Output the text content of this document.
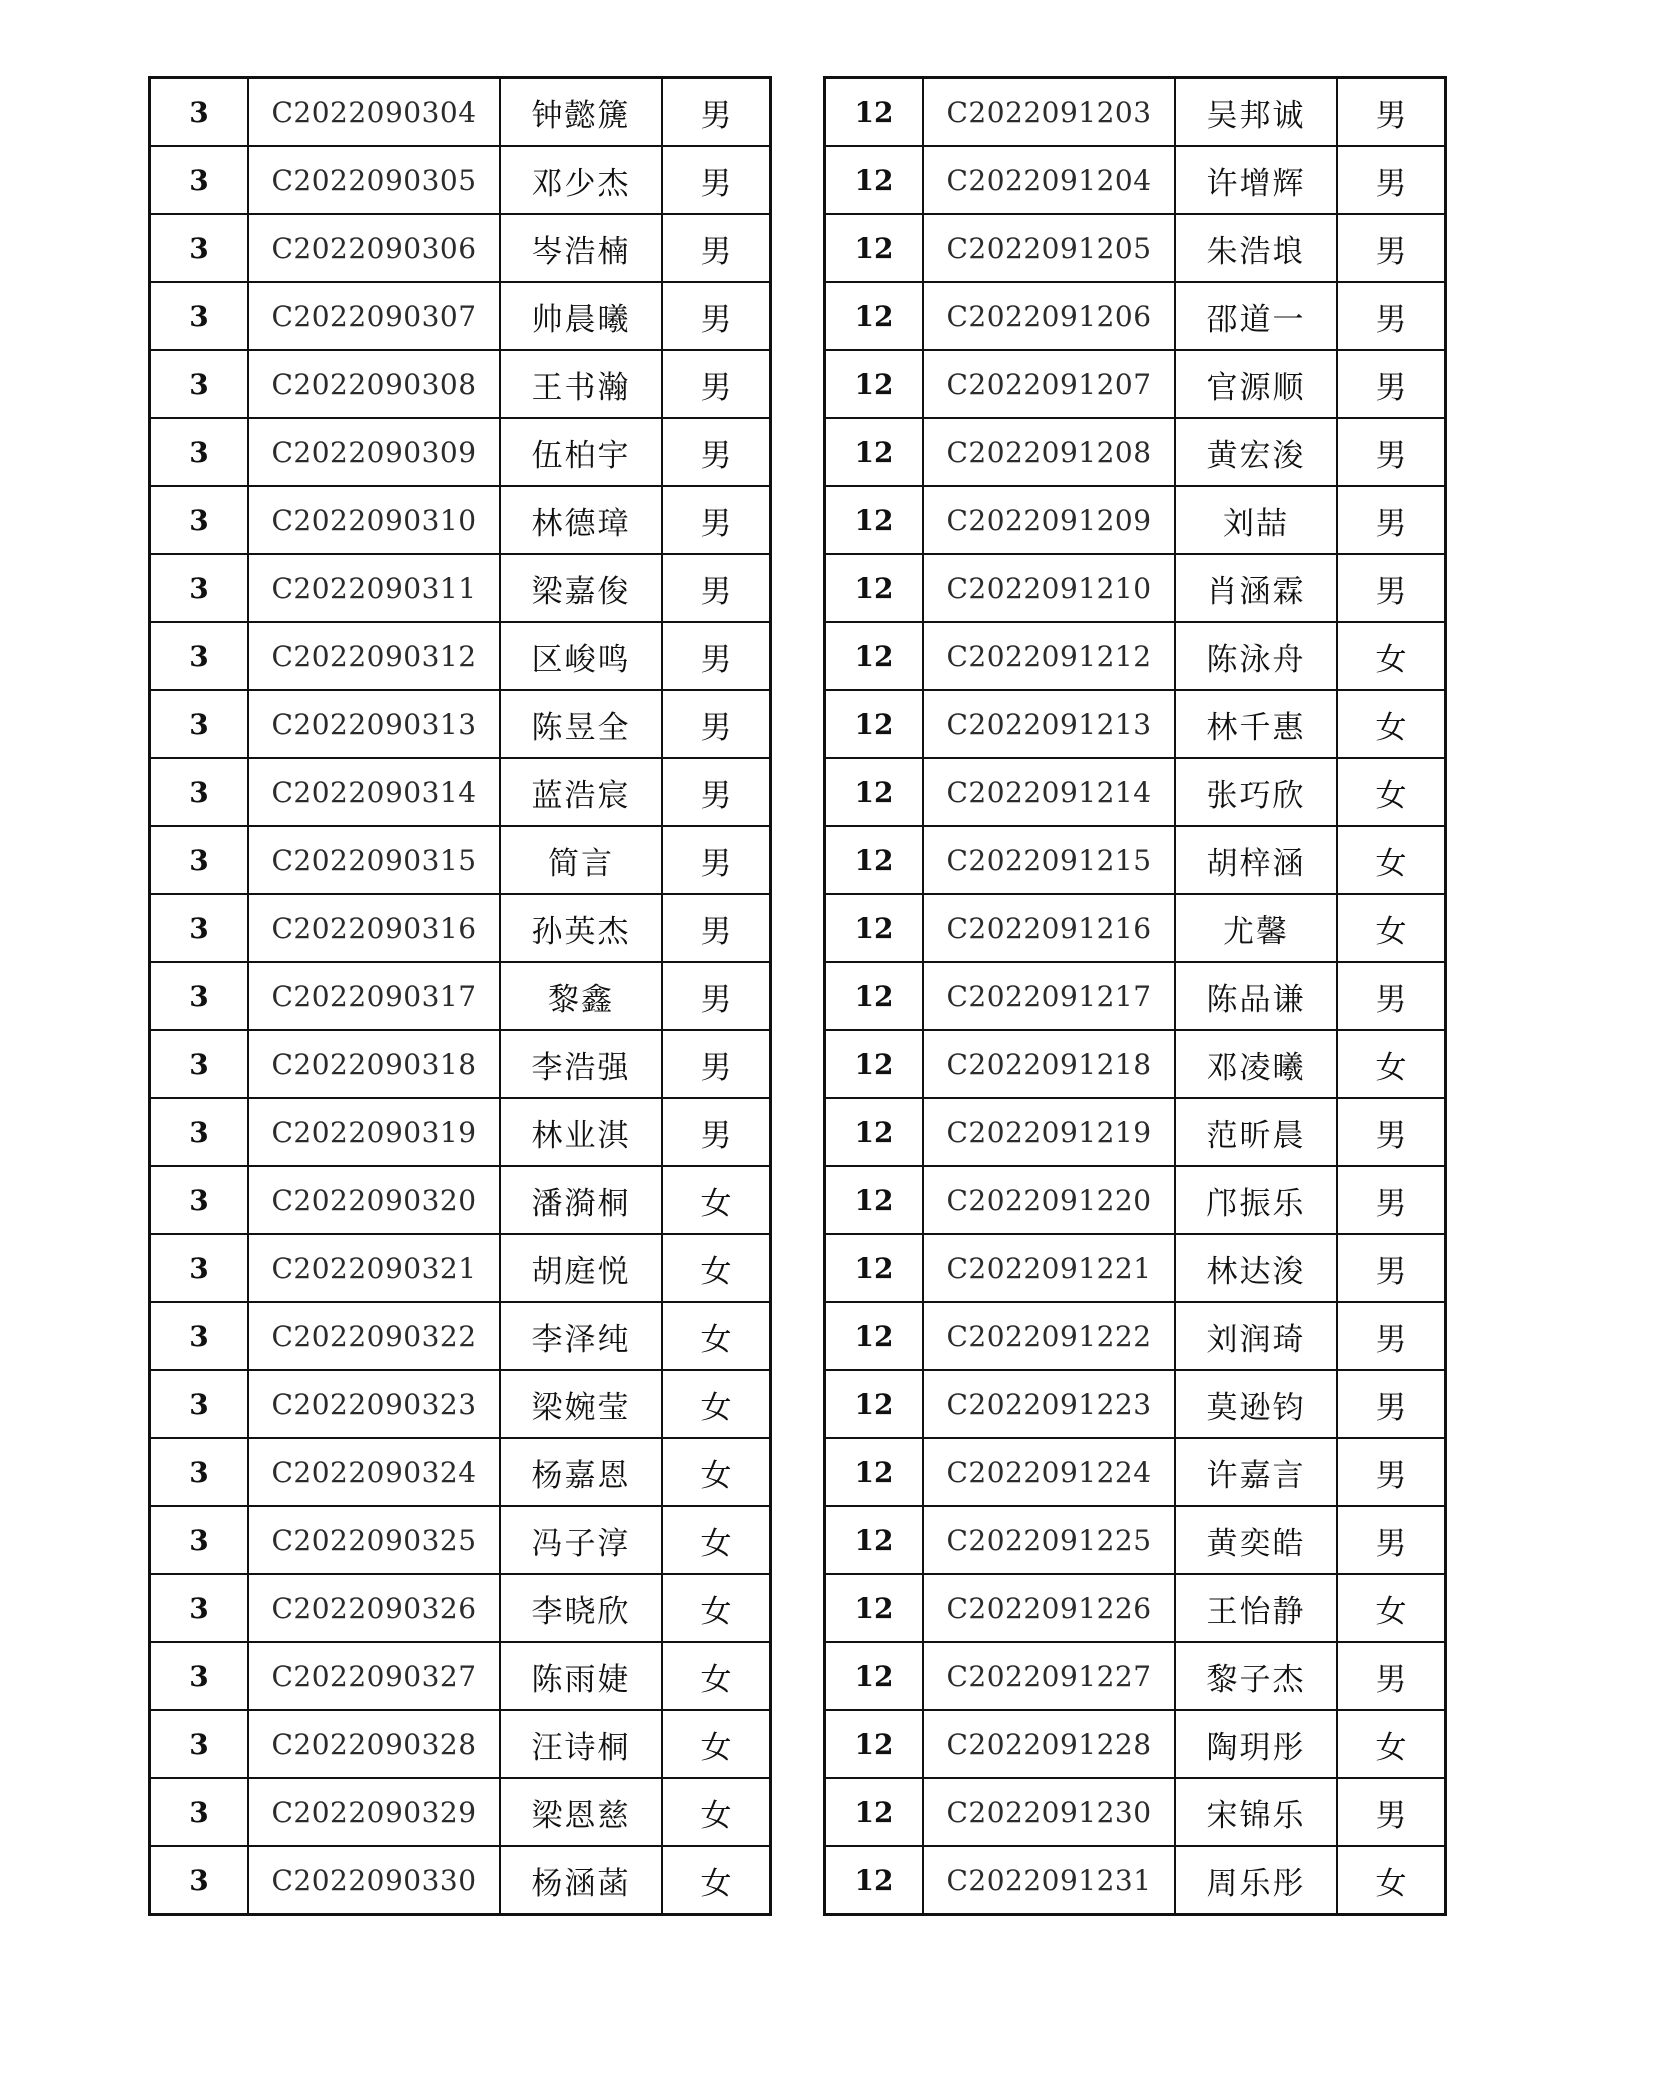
3	C2022090304	钟懿篪	男
3	C2022090305	邓少杰	男
3	C2022090306	岑浩楠	男
3	C2022090307	帅晨曦	男
3	C2022090308	王书瀚	男
3	C2022090309	伍柏宇	男
3	C2022090310	林德璋	男
3	C2022090311	梁嘉俊	男
3	C2022090312	区峻鸣	男
3	C2022090313	陈昱全	男
3	C2022090314	蓝浩宸	男
3	C2022090315	简言	男
3	C2022090316	孙英杰	男
3	C2022090317	黎鑫	男
3	C2022090318	李浩强	男
3	C2022090319	林业淇	男
3	C2022090320	潘漪桐	女
3	C2022090321	胡庭悦	女
3	C2022090322	李泽纯	女
3	C2022090323	梁婉莹	女
3	C2022090324	杨嘉恩	女
3	C2022090325	冯子淳	女
3	C2022090326	李晓欣	女
3	C2022090327	陈雨婕	女
3	C2022090328	汪诗桐	女
3	C2022090329	梁恩慈	女
3	C2022090330	杨涵菡	女
12	C2022091203	吴邦诚	男
12	C2022091204	许增辉	男
12	C2022091205	朱浩埌	男
12	C2022091206	邵道一	男
12	C2022091207	官源顺	男
12	C2022091208	黄宏浚	男
12	C2022091209	刘喆	男
12	C2022091210	肖涵霖	男
12	C2022091212	陈泳舟	女
12	C2022091213	林千惠	女
12	C2022091214	张巧欣	女
12	C2022091215	胡梓涵	女
12	C2022091216	尤馨	女
12	C2022091217	陈品谦	男
12	C2022091218	邓凌曦	女
12	C2022091219	范昕晨	男
12	C2022091220	邝振乐	男
12	C2022091221	林达浚	男
12	C2022091222	刘润琦	男
12	C2022091223	莫逊钧	男
12	C2022091224	许嘉言	男
12	C2022091225	黄奕皓	男
12	C2022091226	王怡静	女
12	C2022091227	黎子杰	男
12	C2022091228	陶玥彤	女
12	C2022091230	宋锦乐	男
12	C2022091231	周乐彤	女
